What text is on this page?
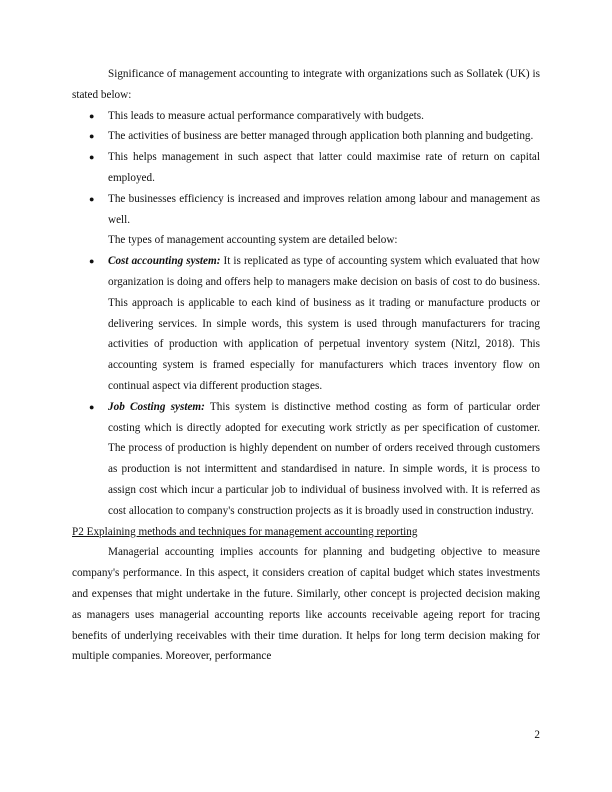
Significance of management accounting to integrate with organizations such as Sollatek (UK) is stated below:

● This leads to measure actual performance comparatively with budgets.
● The activities of business are better managed through application both planning and budgeting.
● This helps management in such aspect that latter could maximise rate of return on capital employed.
● The businesses efficiency is increased and improves relation among labour and management as well.

The types of management accounting system are detailed below:

● Cost accounting system: It is replicated as type of accounting system which evaluated that how organization is doing and offers help to managers make decision on basis of cost to do business. This approach is applicable to each kind of business as it trading or manufacture products or delivering services. In simple words, this system is used through manufacturers for tracing activities of production with application of perpetual inventory system (Nitzl, 2018). This accounting system is framed especially for manufacturers which traces inventory flow on continual aspect via different production stages.
● Job Costing system: This system is distinctive method costing as form of particular order costing which is directly adopted for executing work strictly as per specification of customer. The process of production is highly dependent on number of orders received through customers as production is not intermittent and standardised in nature. In simple words, it is process to assign cost which incur a particular job to individual of business involved with. It is referred as cost allocation to company's construction projects as it is broadly used in construction industry.

P2 Explaining methods and techniques for management accounting reporting

Managerial accounting implies accounts for planning and budgeting objective to measure company's performance. In this aspect, it considers creation of capital budget which states investments and expenses that might undertake in the future. Similarly, other concept is projected decision making as managers uses managerial accounting reports like accounts receivable ageing report for tracing benefits of underlying receivables with their time duration. It helps for long term decision making for multiple companies. Moreover, performance

2
